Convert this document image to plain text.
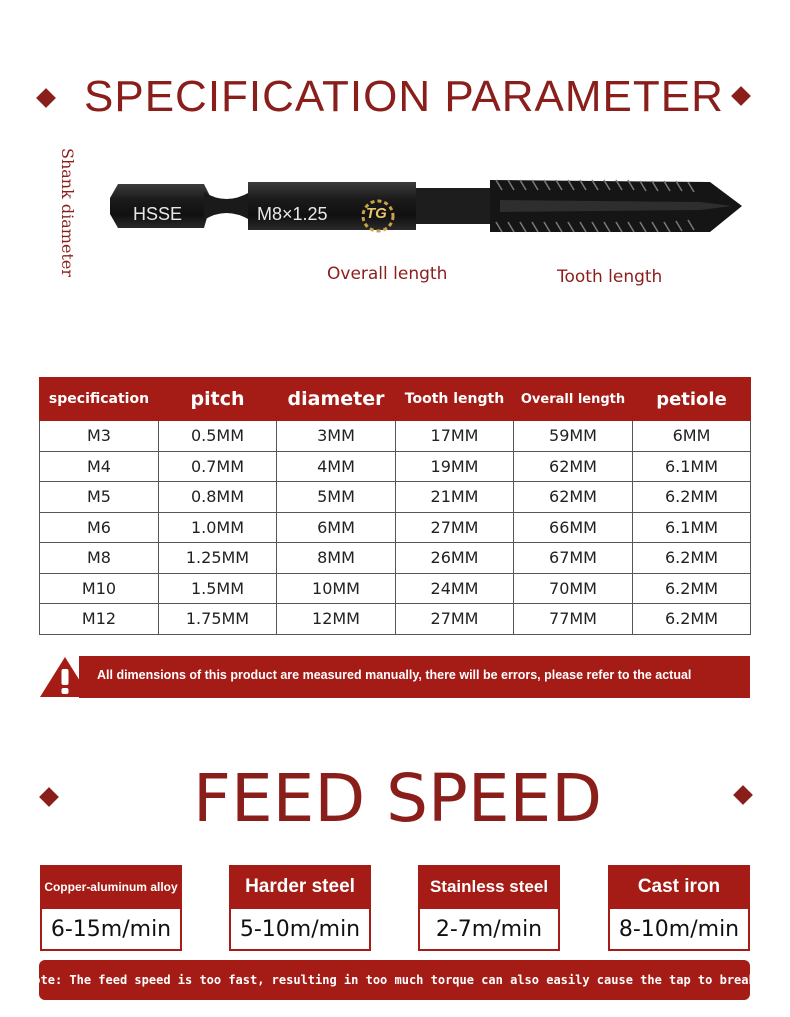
SPECIFICATION PARAMETER
Shank diameter	HSSE	M8×1.25	TG
Overall length	Tooth length
specification	pitch	diameter	Tooth length	Overall length	petiole
M3	0.5MM	3MM	17MM	59MM	6MM
M4	0.7MM	4MM	19MM	62MM	6.1MM
M5	0.8MM	5MM	21MM	62MM	6.2MM
M6	1.0MM	6MM	27MM	66MM	6.1MM
M8	1.25MM	8MM	26MM	67MM	6.2MM
M10	1.5MM	10MM	24MM	70MM	6.2MM
M12	1.75MM	12MM	27MM	77MM	6.2MM
All dimensions of this product are measured manually, there will be errors, please refer to the actual
FEED SPEED
Copper-aluminum alloy
6-15m/min
Harder steel
5-10m/min
Stainless steel
2-7m/min
Cast iron
8-10m/min
Note: The feed speed is too fast, resulting in too much torque can also easily cause the tap to break.
